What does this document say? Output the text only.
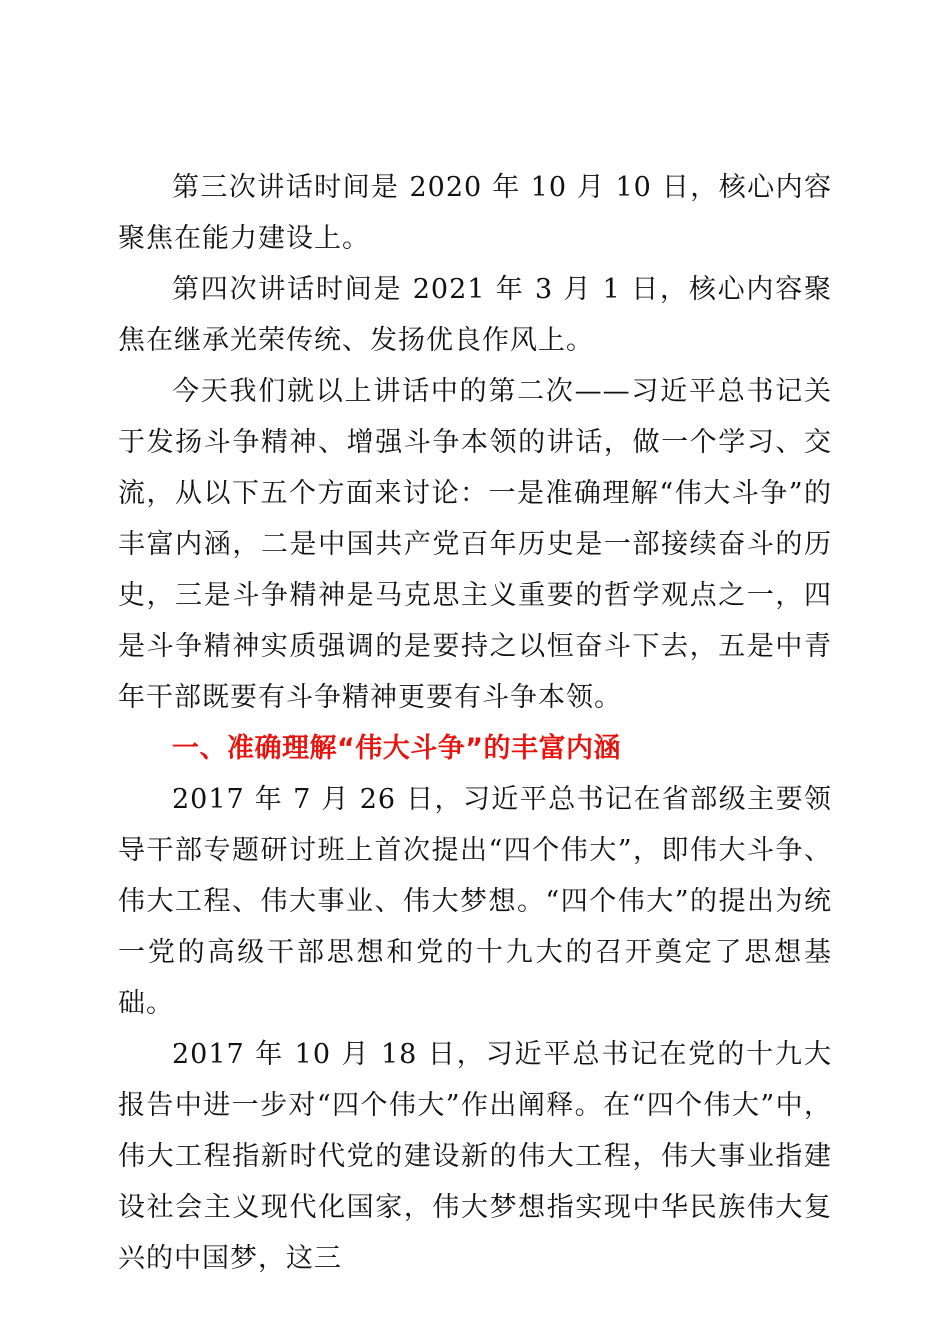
第三次讲话时间是 2020 年 10 月 10 日，核心内容聚焦在能力建设上。

第四次讲话时间是 2021 年 3 月 1 日，核心内容聚焦在继承光荣传统、发扬优良作风上。

今天我们就以上讲话中的第二次——习近平总书记关于发扬斗争精神、增强斗争本领的讲话，做一个学习、交流，从以下五个方面来讨论：一是准确理解“伟大斗争”的丰富内涵，二是中国共产党百年历史是一部接续奋斗的历史，三是斗争精神是马克思主义重要的哲学观点之一，四是斗争精神实质强调的是要持之以恒奋斗下去，五是中青年干部既要有斗争精神更要有斗争本领。

一、准确理解“伟大斗争”的丰富内涵

2017 年 7 月 26 日，习近平总书记在省部级主要领导干部专题研讨班上首次提出“四个伟大”，即伟大斗争、伟大工程、伟大事业、伟大梦想。“四个伟大”的提出为统一党的高级干部思想和党的十九大的召开奠定了思想基础。

2017 年 10 月 18 日，习近平总书记在党的十九大报告中进一步对“四个伟大”作出阐释。在“四个伟大”中，伟大工程指新时代党的建设新的伟大工程，伟大事业指建设社会主义现代化国家，伟大梦想指实现中华民族伟大复兴的中国梦，这三
